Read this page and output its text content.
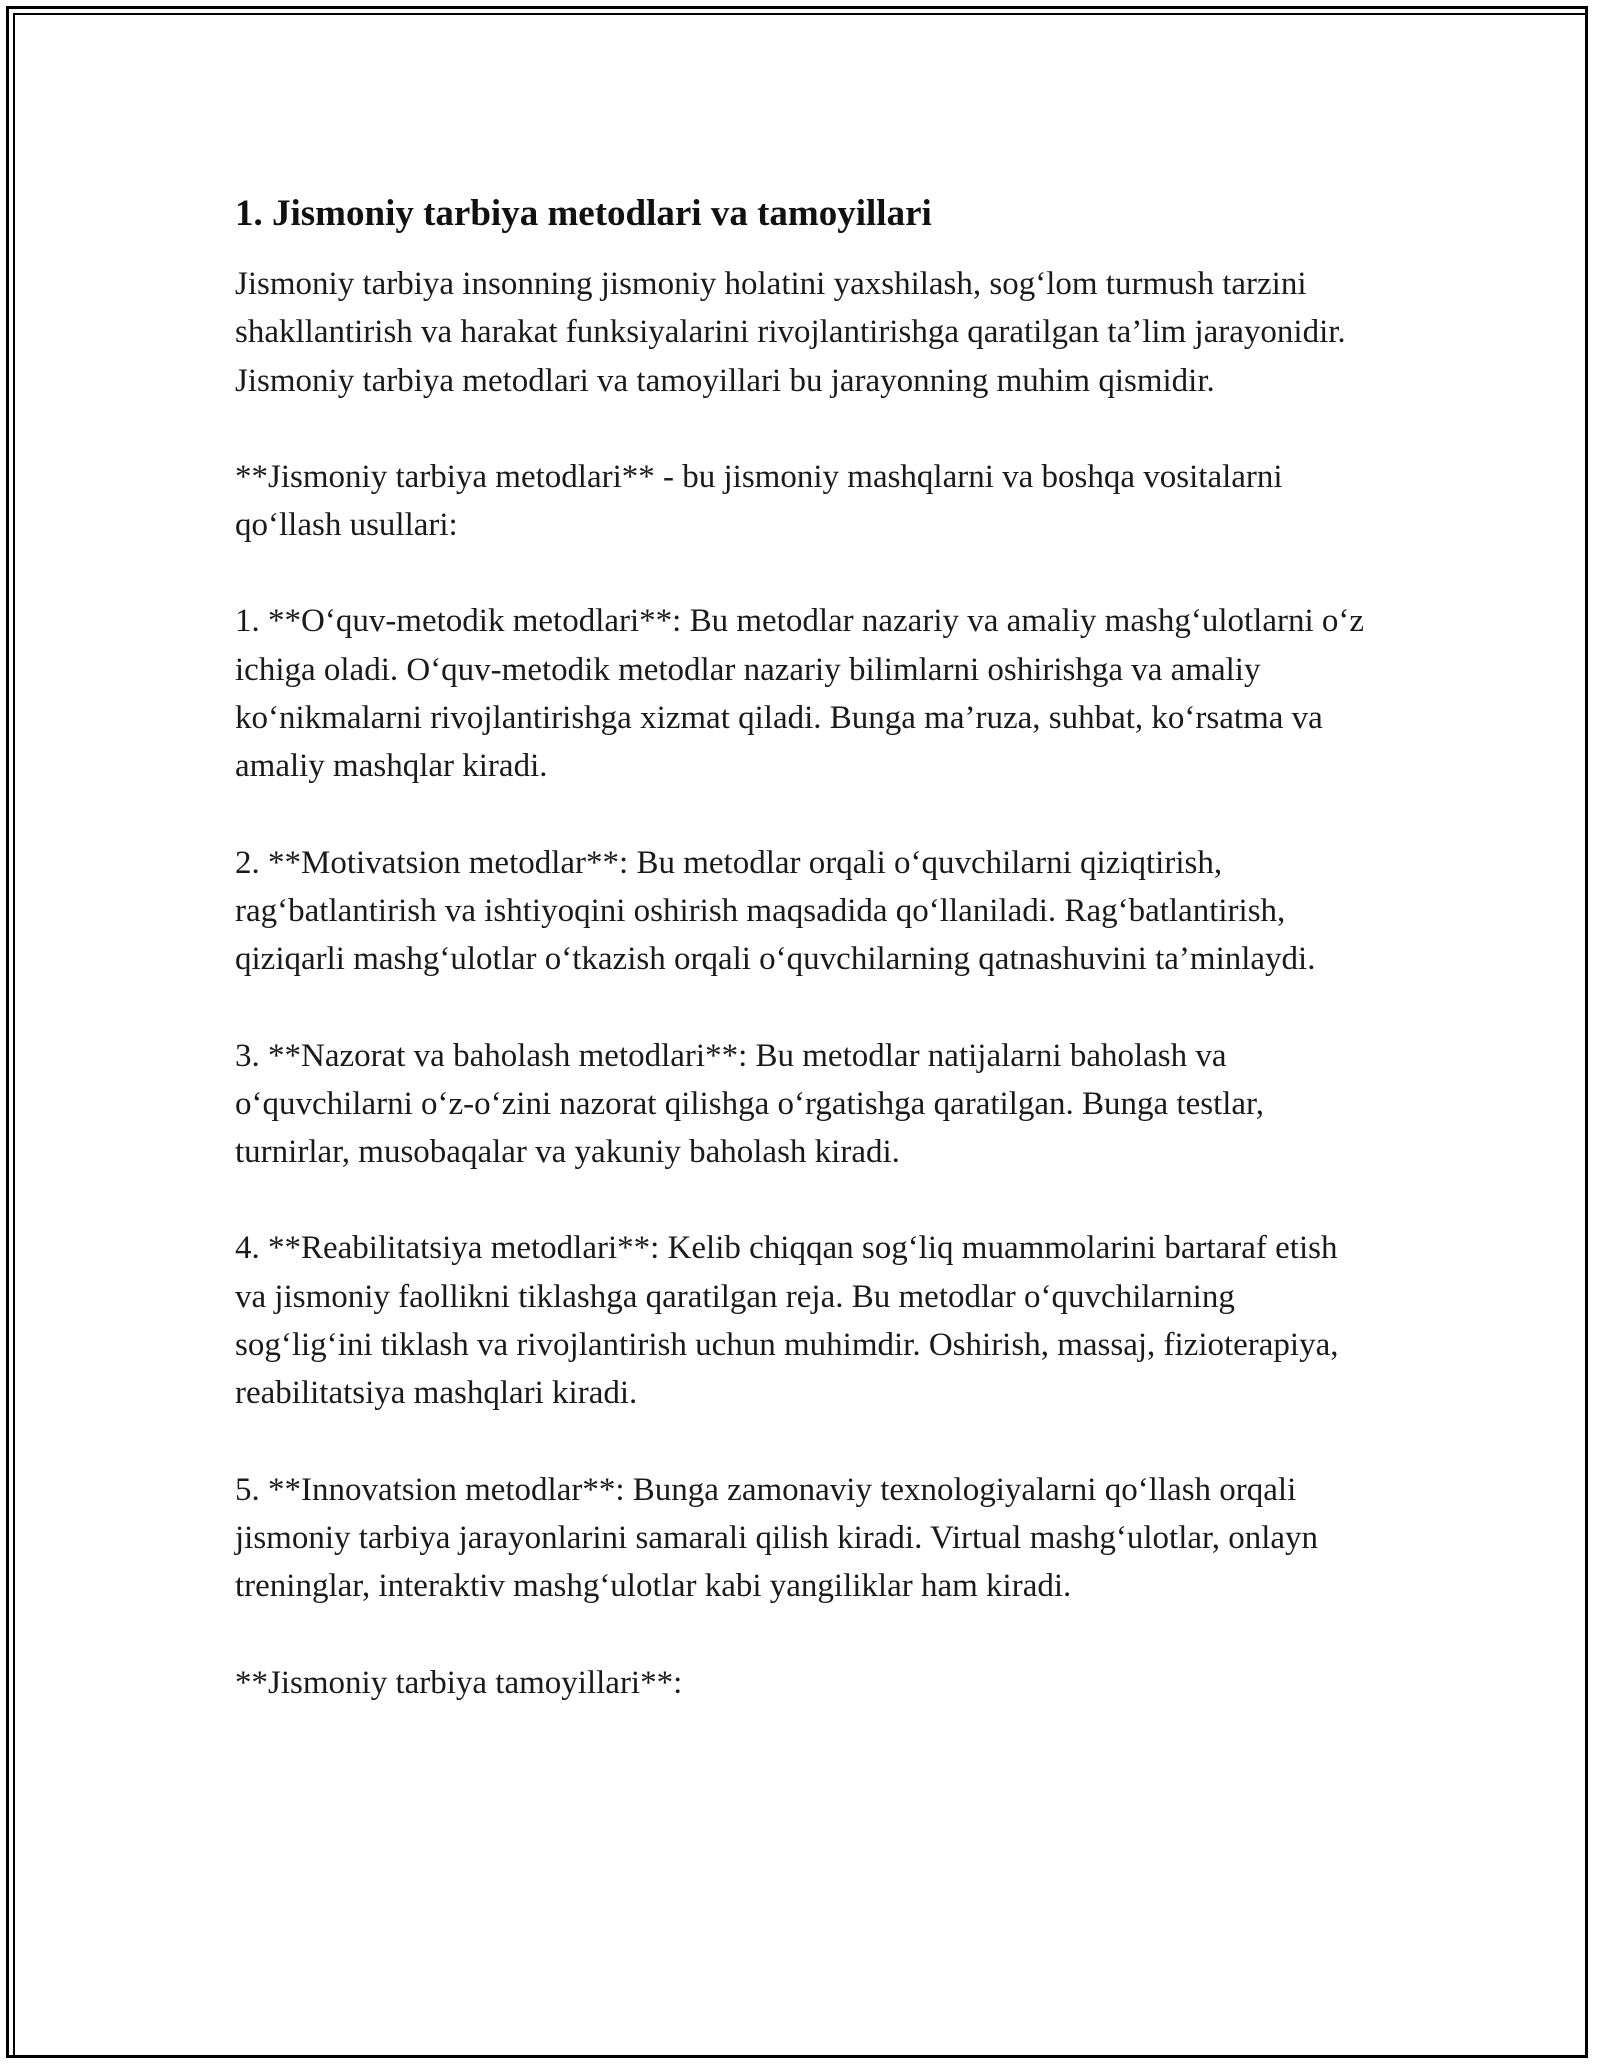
1. Jismoniy tarbiya metodlari va tamoyillari

Jismoniy tarbiya insonning jismoniy holatini yaxshilash, sog‘lom turmush tarzini shakllantirish va harakat funksiyalarini rivojlantirishga qaratilgan ta’lim jarayonidir. Jismoniy tarbiya metodlari va tamoyillari bu jarayonning muhim qismidir.

**Jismoniy tarbiya metodlari** - bu jismoniy mashqlarni va boshqa vositalarni qo‘llash usullari:

1. **O‘quv-metodik metodlari**: Bu metodlar nazariy va amaliy mashg‘ulotlarni o‘z ichiga oladi. O‘quv-metodik metodlar nazariy bilimlarni oshirishga va amaliy ko‘nikmalarni rivojlantirishga xizmat qiladi. Bunga ma’ruza, suhbat, ko‘rsatma va amaliy mashqlar kiradi.

2. **Motivatsion metodlar**: Bu metodlar orqali o‘quvchilarni qiziqtirish, rag‘batlantirish va ishtiyoqini oshirish maqsadida qo‘llaniladi. Rag‘batlantirish, qiziqarli mashg‘ulotlar o‘tkazish orqali o‘quvchilarning qatnashuvini ta’minlaydi.

3. **Nazorat va baholash metodlari**: Bu metodlar natijalarni baholash va o‘quvchilarni o‘z-o‘zini nazorat qilishga o‘rgatishga qaratilgan. Bunga testlar, turnirlar, musobaqalar va yakuniy baholash kiradi.

4. **Reabilitatsiya metodlari**: Kelib chiqqan sog‘liq muammolarini bartaraf etish va jismoniy faollikni tiklashga qaratilgan reja. Bu metodlar o‘quvchilarning sog‘lig‘ini tiklash va rivojlantirish uchun muhimdir. Oshirish, massaj, fizioterapiya, reabilitatsiya mashqlari kiradi.

5. **Innovatsion metodlar**: Bunga zamonaviy texnologiyalarni qo‘llash orqali jismoniy tarbiya jarayonlarini samarali qilish kiradi. Virtual mashg‘ulotlar, onlayn treninglar, interaktiv mashg‘ulotlar kabi yangiliklar ham kiradi.

**Jismoniy tarbiya tamoyillari**:
